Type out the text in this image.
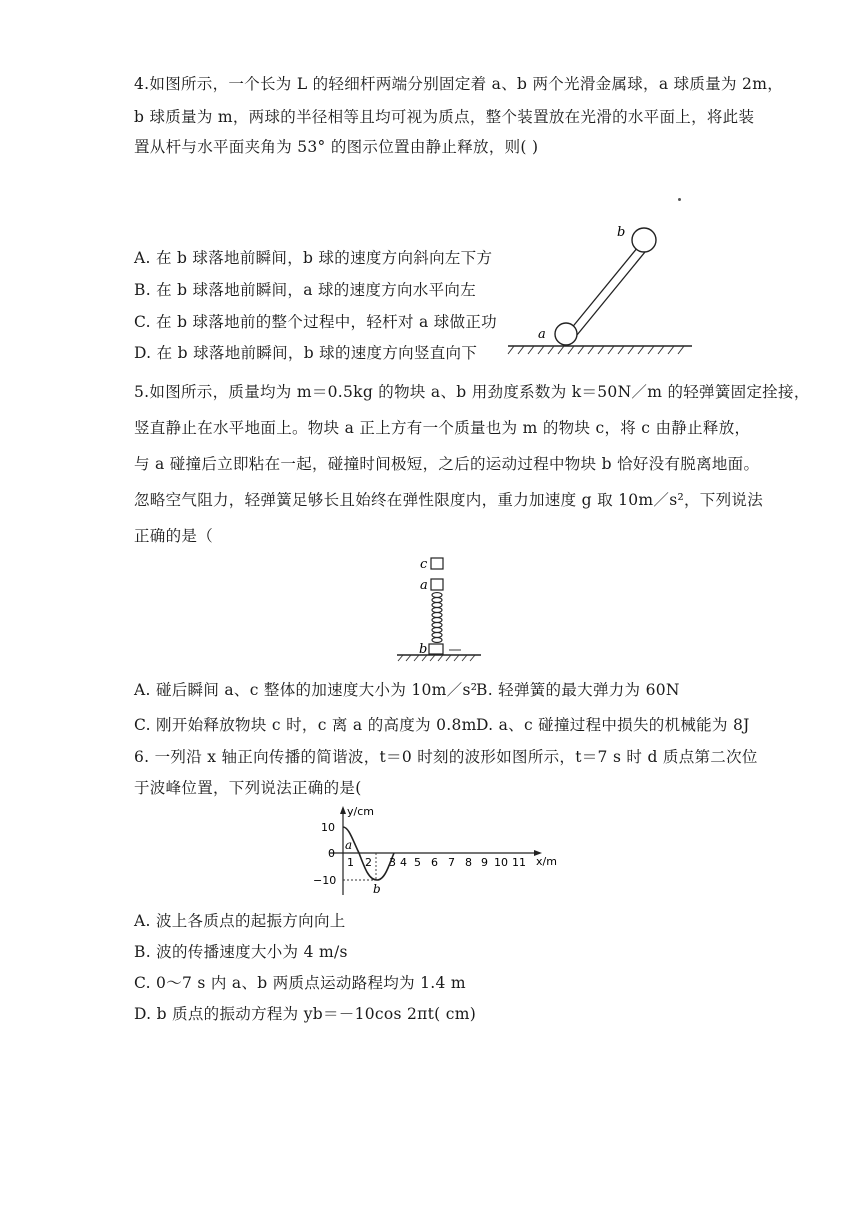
4.如图所示，一个长为 L 的轻细杆两端分别固定着 a、b 两个光滑金属球，a 球质量为 2m，
b 球质量为 m，两球的半径相等且均可视为质点，整个装置放在光滑的水平面上，将此装
置从杆与水平面夹角为 53° 的图示位置由静止释放，则( )
A. 在 b 球落地前瞬间，b 球的速度方向斜向左下方
B. 在 b 球落地前瞬间，a 球的速度方向水平向左
C. 在 b 球落地前的整个过程中，轻杆对 a 球做正功
D. 在 b 球落地前瞬间，b 球的速度方向竖直向下
a
b
5.如图所示，质量均为 m＝0.5kg 的物块 a、b 用劲度系数为 k＝50N／m 的轻弹簧固定拴接，
竖直静止在水平地面上。物块 a 正上方有一个质量也为 m 的物块 c，将 c 由静止释放，
与 a 碰撞后立即粘在一起，碰撞时间极短，之后的运动过程中物块 b 恰好没有脱离地面。
忽略空气阻力，轻弹簧足够长且始终在弹性限度内，重力加速度 g 取 10m／s²，下列说法
正确的是（
c
a
b
A. 碰后瞬间 a、c 整体的加速度大小为 10m／s²
B. 轻弹簧的最大弹力为 60N
C. 刚开始释放物块 c 时，c 离 a 的高度为 0.8m D. a、c 碰撞过程中损失的机械能为 8J
6. 一列沿 x 轴正向传播的简谐波，t＝0 时刻的波形如图所示，t＝7 s 时 d 质点第二次位
于波峰位置，下列说法正确的是(
10
0
−10
y/cm
x/m
1 2 3 4 5 6 7 8 9 10 11
a
b
A. 波上各质点的起振方向向上
B. 波的传播速度大小为 4 m/s
C. 0～7 s 内 a、b 两质点运动路程均为 1.4 m
D. b 质点的振动方程为 yb＝－10cos 2πt( cm)
